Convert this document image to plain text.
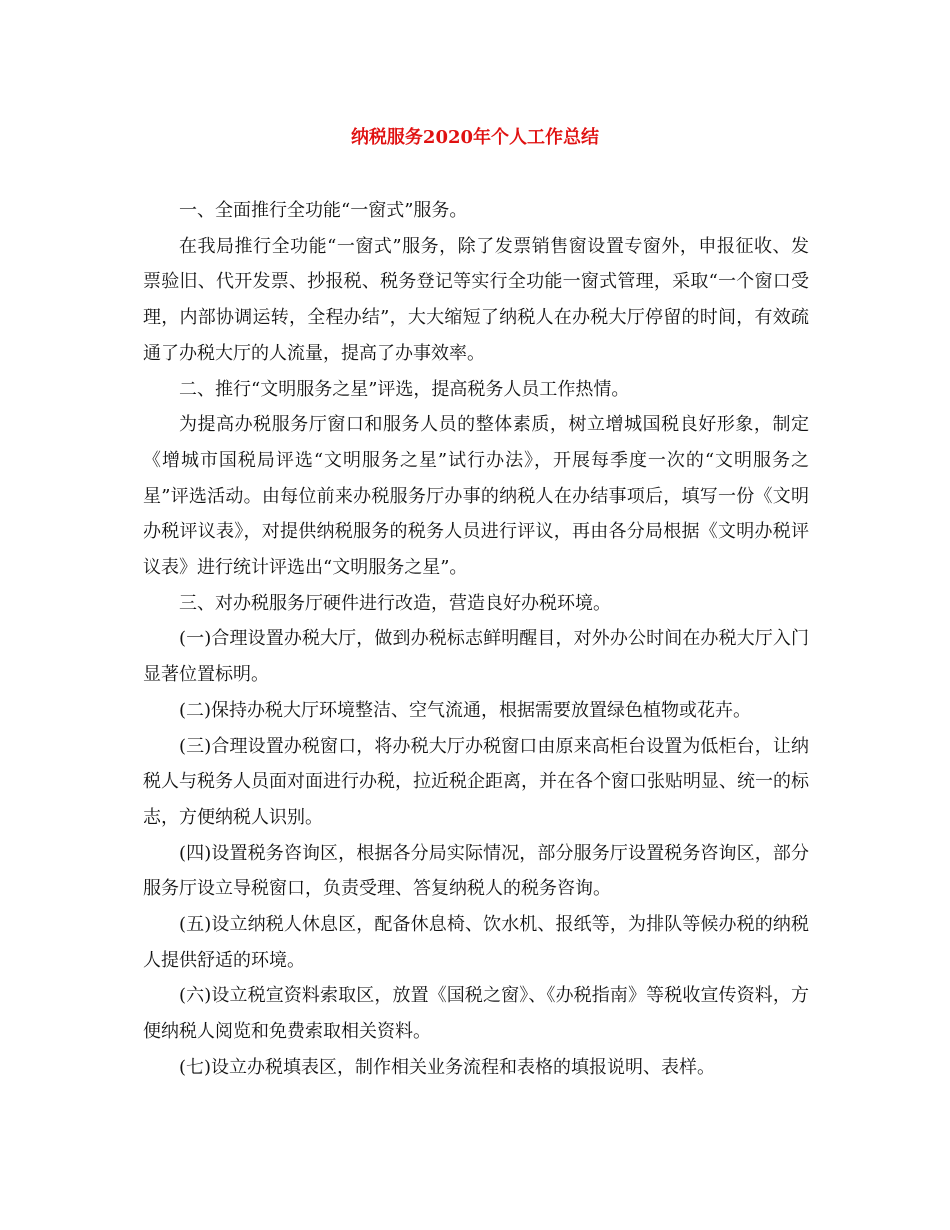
纳税服务2020年个人工作总结

一、全面推行全功能“一窗式”服务。

在我局推行全功能“一窗式”服务，除了发票销售窗设置专窗外，申报征收、发票验旧、代开发票、抄报税、税务登记等实行全功能一窗式管理，采取“一个窗口受理，内部协调运转，全程办结”，大大缩短了纳税人在办税大厅停留的时间，有效疏通了办税大厅的人流量，提高了办事效率。

二、推行“文明服务之星”评选，提高税务人员工作热情。

为提高办税服务厅窗口和服务人员的整体素质，树立增城国税良好形象，制定《增城市国税局评选“文明服务之星”试行办法》，开展每季度一次的“文明服务之星”评选活动。由每位前来办税服务厅办事的纳税人在办结事项后，填写一份《文明办税评议表》，对提供纳税服务的税务人员进行评议，再由各分局根据《文明办税评议表》进行统计评选出“文明服务之星”。

三、对办税服务厅硬件进行改造，营造良好办税环境。

(一)合理设置办税大厅，做到办税标志鲜明醒目，对外办公时间在办税大厅入门显著位置标明。

(二)保持办税大厅环境整洁、空气流通，根据需要放置绿色植物或花卉。

(三)合理设置办税窗口，将办税大厅办税窗口由原来高柜台设置为低柜台，让纳税人与税务人员面对面进行办税，拉近税企距离，并在各个窗口张贴明显、统一的标志，方便纳税人识别。

(四)设置税务咨询区，根据各分局实际情况，部分服务厅设置税务咨询区，部分服务厅设立导税窗口，负责受理、答复纳税人的税务咨询。

(五)设立纳税人休息区，配备休息椅、饮水机、报纸等，为排队等候办税的纳税人提供舒适的环境。

(六)设立税宣资料索取区，放置《国税之窗》、《办税指南》等税收宣传资料，方便纳税人阅览和免费索取相关资料。

(七)设立办税填表区，制作相关业务流程和表格的填报说明、表样。
